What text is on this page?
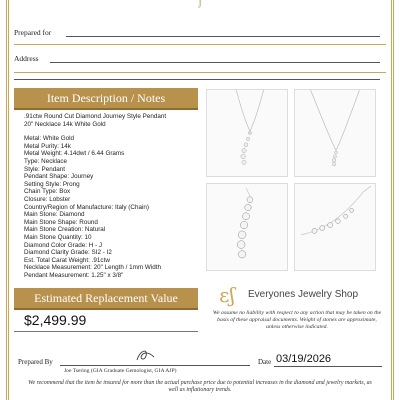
ȷ
Prepared for
Address
Item Description / Notes
.91ctw Round Cut Diamond Journey Style Pendant
20" Necklace 14k White Gold
Metal: White Gold
Metal Purity: 14k
Metal Weight: 4.14dwt / 6.44 Grams
Type: Necklace
Style: Pendant
Pendant Shape: Journey
Setting Style: Prong
Chain Type: Box
Closure: Lobster
Country/Region of Manufacture: Italy (Chain)
Main Stone: Diamond
Main Stone Shape: Round
Main Stone Creation: Natural
Main Stone Quantity: 10
Diamond Color Grade: H - J
Diamond Clarity Grade: SI2 - I2
Est. Total Carat Weight: .91ctw
Necklace Measurement: 20" Length / 1mm Width
Pendant Measurement: 1.25" x 3/8"
Estimated Replacement Value
$2,499.99
ɛʃ	Everyones Jewelry Shop
We assume no liability with respect to any action that may be taken on the basis of these appraisal documents. Weight of stones are approximate, unless otherwise indicated.
Prepared By
Joe Tsering (GIA Graduate Gemologist, GIA AJP)
Date 03/19/2026
We recommend that the item be insured for more than the actual purchase price due to potential increases in the diamond and jewelry markets, as well as inflationary trends.
